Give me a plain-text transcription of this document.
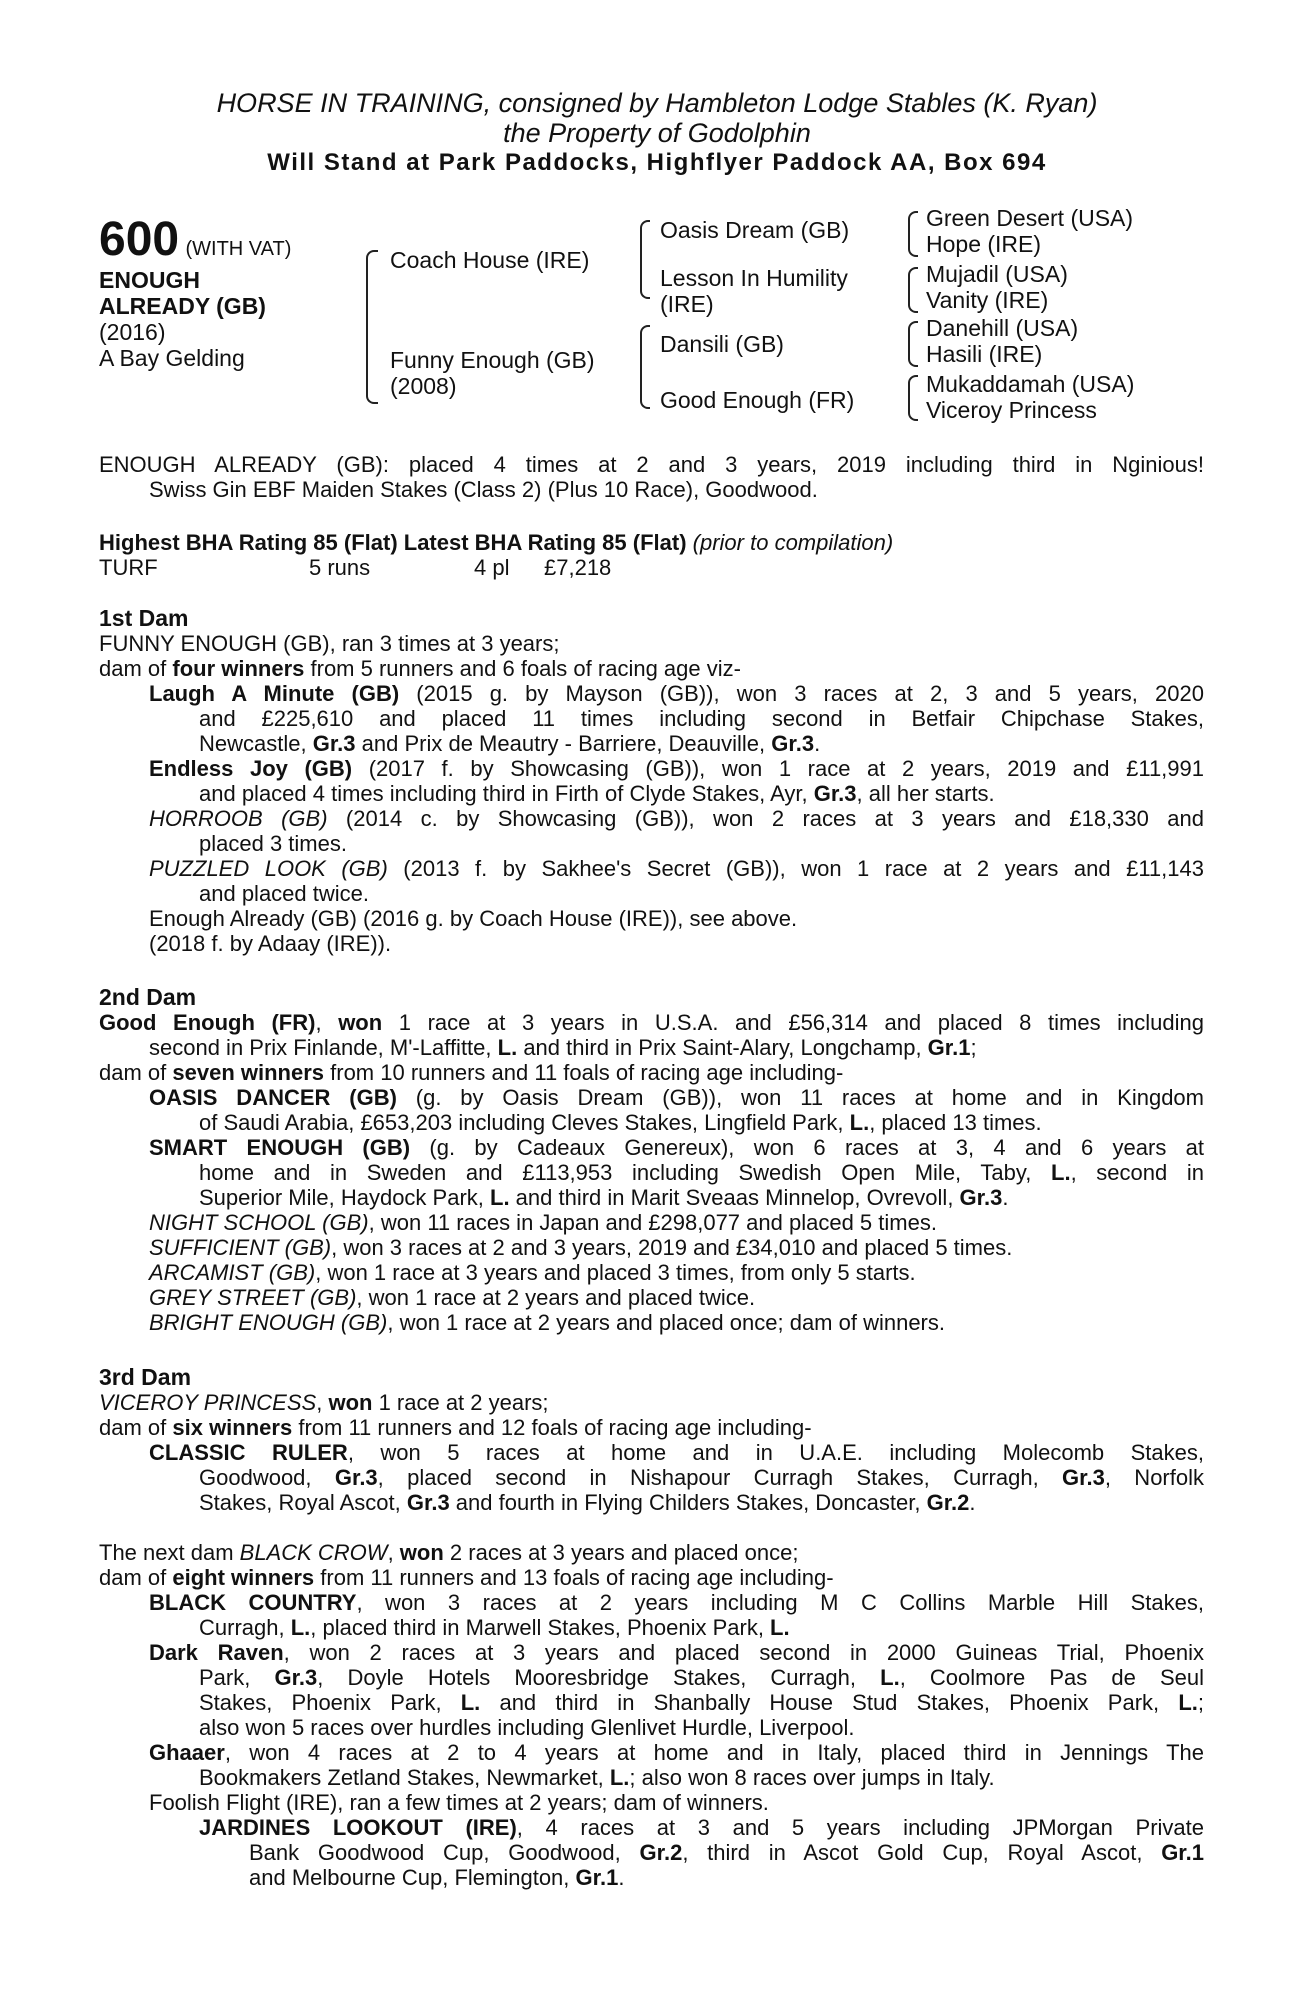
HORSE IN TRAINING, consigned by Hambleton Lodge Stables (K. Ryan)
the Property of Godolphin
Will Stand at Park Paddocks, Highflyer Paddock AA, Box 694
600 (WITH VAT)
ENOUGH
ALREADY (GB)
(2016)
A Bay Gelding
Coach House (IRE)
Funny Enough (GB)
(2008)
Oasis Dream (GB)
Lesson In Humility
(IRE)
Dansili (GB)
Good Enough (FR)
Green Desert (USA)
Hope (IRE)
Mujadil (USA)
Vanity (IRE)
Danehill (USA)
Hasili (IRE)
Mukaddamah (USA)
Viceroy Princess
ENOUGH ALREADY (GB): placed 4 times at 2 and 3 years, 2019 including third in Nginious!
Swiss Gin EBF Maiden Stakes (Class 2) (Plus 10 Race), Goodwood.
Highest BHA Rating 85 (Flat) Latest BHA Rating 85 (Flat) (prior to compilation)
TURF	5 runs	4 pl £7,218
1st Dam
FUNNY ENOUGH (GB), ran 3 times at 3 years;
dam of four winners from 5 runners and 6 foals of racing age viz-
Laugh A Minute (GB) (2015 g. by Mayson (GB)), won 3 races at 2, 3 and 5 years, 2020
and £225,610 and placed 11 times including second in Betfair Chipchase Stakes,
Newcastle, Gr.3 and Prix de Meautry - Barriere, Deauville, Gr.3.
Endless Joy (GB) (2017 f. by Showcasing (GB)), won 1 race at 2 years, 2019 and £11,991
and placed 4 times including third in Firth of Clyde Stakes, Ayr, Gr.3, all her starts.
HORROOB (GB) (2014 c. by Showcasing (GB)), won 2 races at 3 years and £18,330 and
placed 3 times.
PUZZLED LOOK (GB) (2013 f. by Sakhee's Secret (GB)), won 1 race at 2 years and £11,143
and placed twice.
Enough Already (GB) (2016 g. by Coach House (IRE)), see above.
(2018 f. by Adaay (IRE)).
2nd Dam
Good Enough (FR), won 1 race at 3 years in U.S.A. and £56,314 and placed 8 times including
second in Prix Finlande, M'-Laffitte, L. and third in Prix Saint-Alary, Longchamp, Gr.1;
dam of seven winners from 10 runners and 11 foals of racing age including-
OASIS DANCER (GB) (g. by Oasis Dream (GB)), won 11 races at home and in Kingdom
of Saudi Arabia, £653,203 including Cleves Stakes, Lingfield Park, L., placed 13 times.
SMART ENOUGH (GB) (g. by Cadeaux Genereux), won 6 races at 3, 4 and 6 years at
home and in Sweden and £113,953 including Swedish Open Mile, Taby, L., second in
Superior Mile, Haydock Park, L. and third in Marit Sveaas Minnelop, Ovrevoll, Gr.3.
NIGHT SCHOOL (GB), won 11 races in Japan and £298,077 and placed 5 times.
SUFFICIENT (GB), won 3 races at 2 and 3 years, 2019 and £34,010 and placed 5 times.
ARCAMIST (GB), won 1 race at 3 years and placed 3 times, from only 5 starts.
GREY STREET (GB), won 1 race at 2 years and placed twice.
BRIGHT ENOUGH (GB), won 1 race at 2 years and placed once; dam of winners.
3rd Dam
VICEROY PRINCESS, won 1 race at 2 years;
dam of six winners from 11 runners and 12 foals of racing age including-
CLASSIC RULER, won 5 races at home and in U.A.E. including Molecomb Stakes,
Goodwood, Gr.3, placed second in Nishapour Curragh Stakes, Curragh, Gr.3, Norfolk
Stakes, Royal Ascot, Gr.3 and fourth in Flying Childers Stakes, Doncaster, Gr.2.
The next dam BLACK CROW, won 2 races at 3 years and placed once;
dam of eight winners from 11 runners and 13 foals of racing age including-
BLACK COUNTRY, won 3 races at 2 years including M C Collins Marble Hill Stakes,
Curragh, L., placed third in Marwell Stakes, Phoenix Park, L.
Dark Raven, won 2 races at 3 years and placed second in 2000 Guineas Trial, Phoenix
Park, Gr.3, Doyle Hotels Mooresbridge Stakes, Curragh, L., Coolmore Pas de Seul
Stakes, Phoenix Park, L. and third in Shanbally House Stud Stakes, Phoenix Park, L.;
also won 5 races over hurdles including Glenlivet Hurdle, Liverpool.
Ghaaer, won 4 races at 2 to 4 years at home and in Italy, placed third in Jennings The
Bookmakers Zetland Stakes, Newmarket, L.; also won 8 races over jumps in Italy.
Foolish Flight (IRE), ran a few times at 2 years; dam of winners.
JARDINES LOOKOUT (IRE), 4 races at 3 and 5 years including JPMorgan Private
Bank Goodwood Cup, Goodwood, Gr.2, third in Ascot Gold Cup, Royal Ascot, Gr.1
and Melbourne Cup, Flemington, Gr.1.
